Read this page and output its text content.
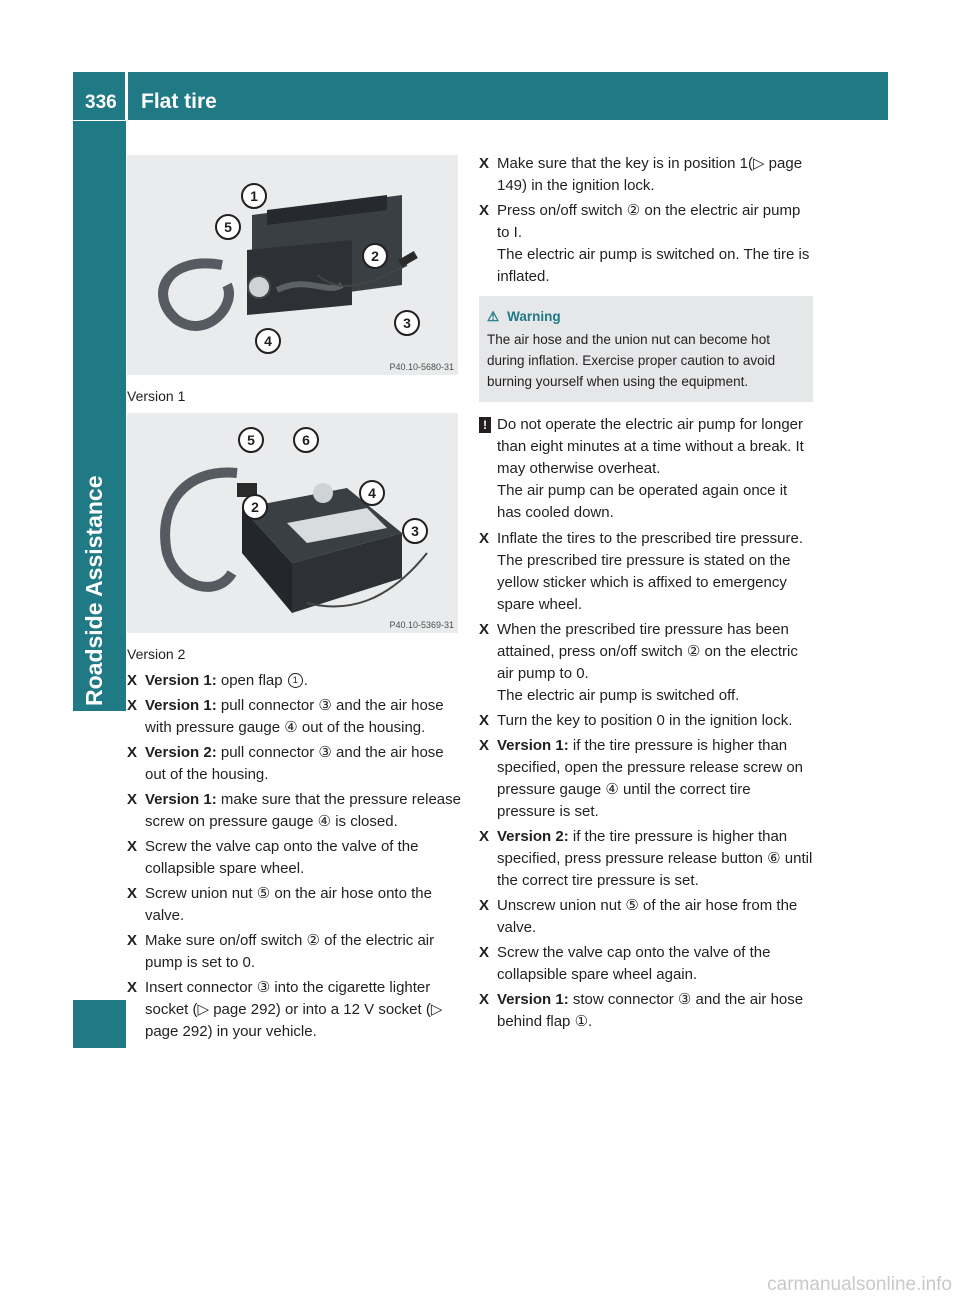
336 Flat tire
Roadside Assistance
1
5
2
3
4
P40.10-5680-31
Version 1
5	6
4
2
3
P40.10-5369-31
Version 2
X Version 1: open flap 1 .
X Version 1: pull connector ③ and the air hose with pressure gauge ④ out of the housing.
X Version 2: pull connector ③ and the air hose out of the housing.
X Version 1: make sure that the pressure release screw on pressure gauge ④ is closed.
X Screw the valve cap onto the valve of the collapsible spare wheel.
X Screw union nut ⑤ on the air hose onto the valve.
X Make sure on/off switch ② of the electric air pump is set to 0.
X Insert connector ③ into the cigarette lighter socket (▷ page 292) or into a 12 V socket (▷ page 292) in your vehicle.
X Make sure that the key is in position 1(▷ page 149) in the ignition lock.
X Press on/off switch ② on the electric air pump to I.

The electric air pump is switched on. The tire is inflated.

⚠ Warning
The air hose and the union nut can become hot during inflation. Exercise proper caution to avoid burning yourself when using the equipment.
! Do not operate the electric air pump for longer than eight minutes at a time without a break. It may otherwise overheat.

The air pump can be operated again once it has cooled down.

X Inflate the tires to the prescribed tire pressure.

The prescribed tire pressure is stated on the yellow sticker which is affixed to emergency spare wheel.

X When the prescribed tire pressure has been attained, press on/off switch ② on the electric air pump to 0.

The electric air pump is switched off.

X Turn the key to position 0 in the ignition lock.
X Version 1: if the tire pressure is higher than specified, open the pressure release screw on pressure gauge ④ until the correct tire pressure is set.
X Version 2: if the tire pressure is higher than specified, press pressure release button ⑥ until the correct tire pressure is set.
X Unscrew union nut ⑤ of the air hose from the valve.
X Screw the valve cap onto the valve of the collapsible spare wheel again.
X Version 1: stow connector ③ and the air hose behind flap ①.
carmanualsonline.info
